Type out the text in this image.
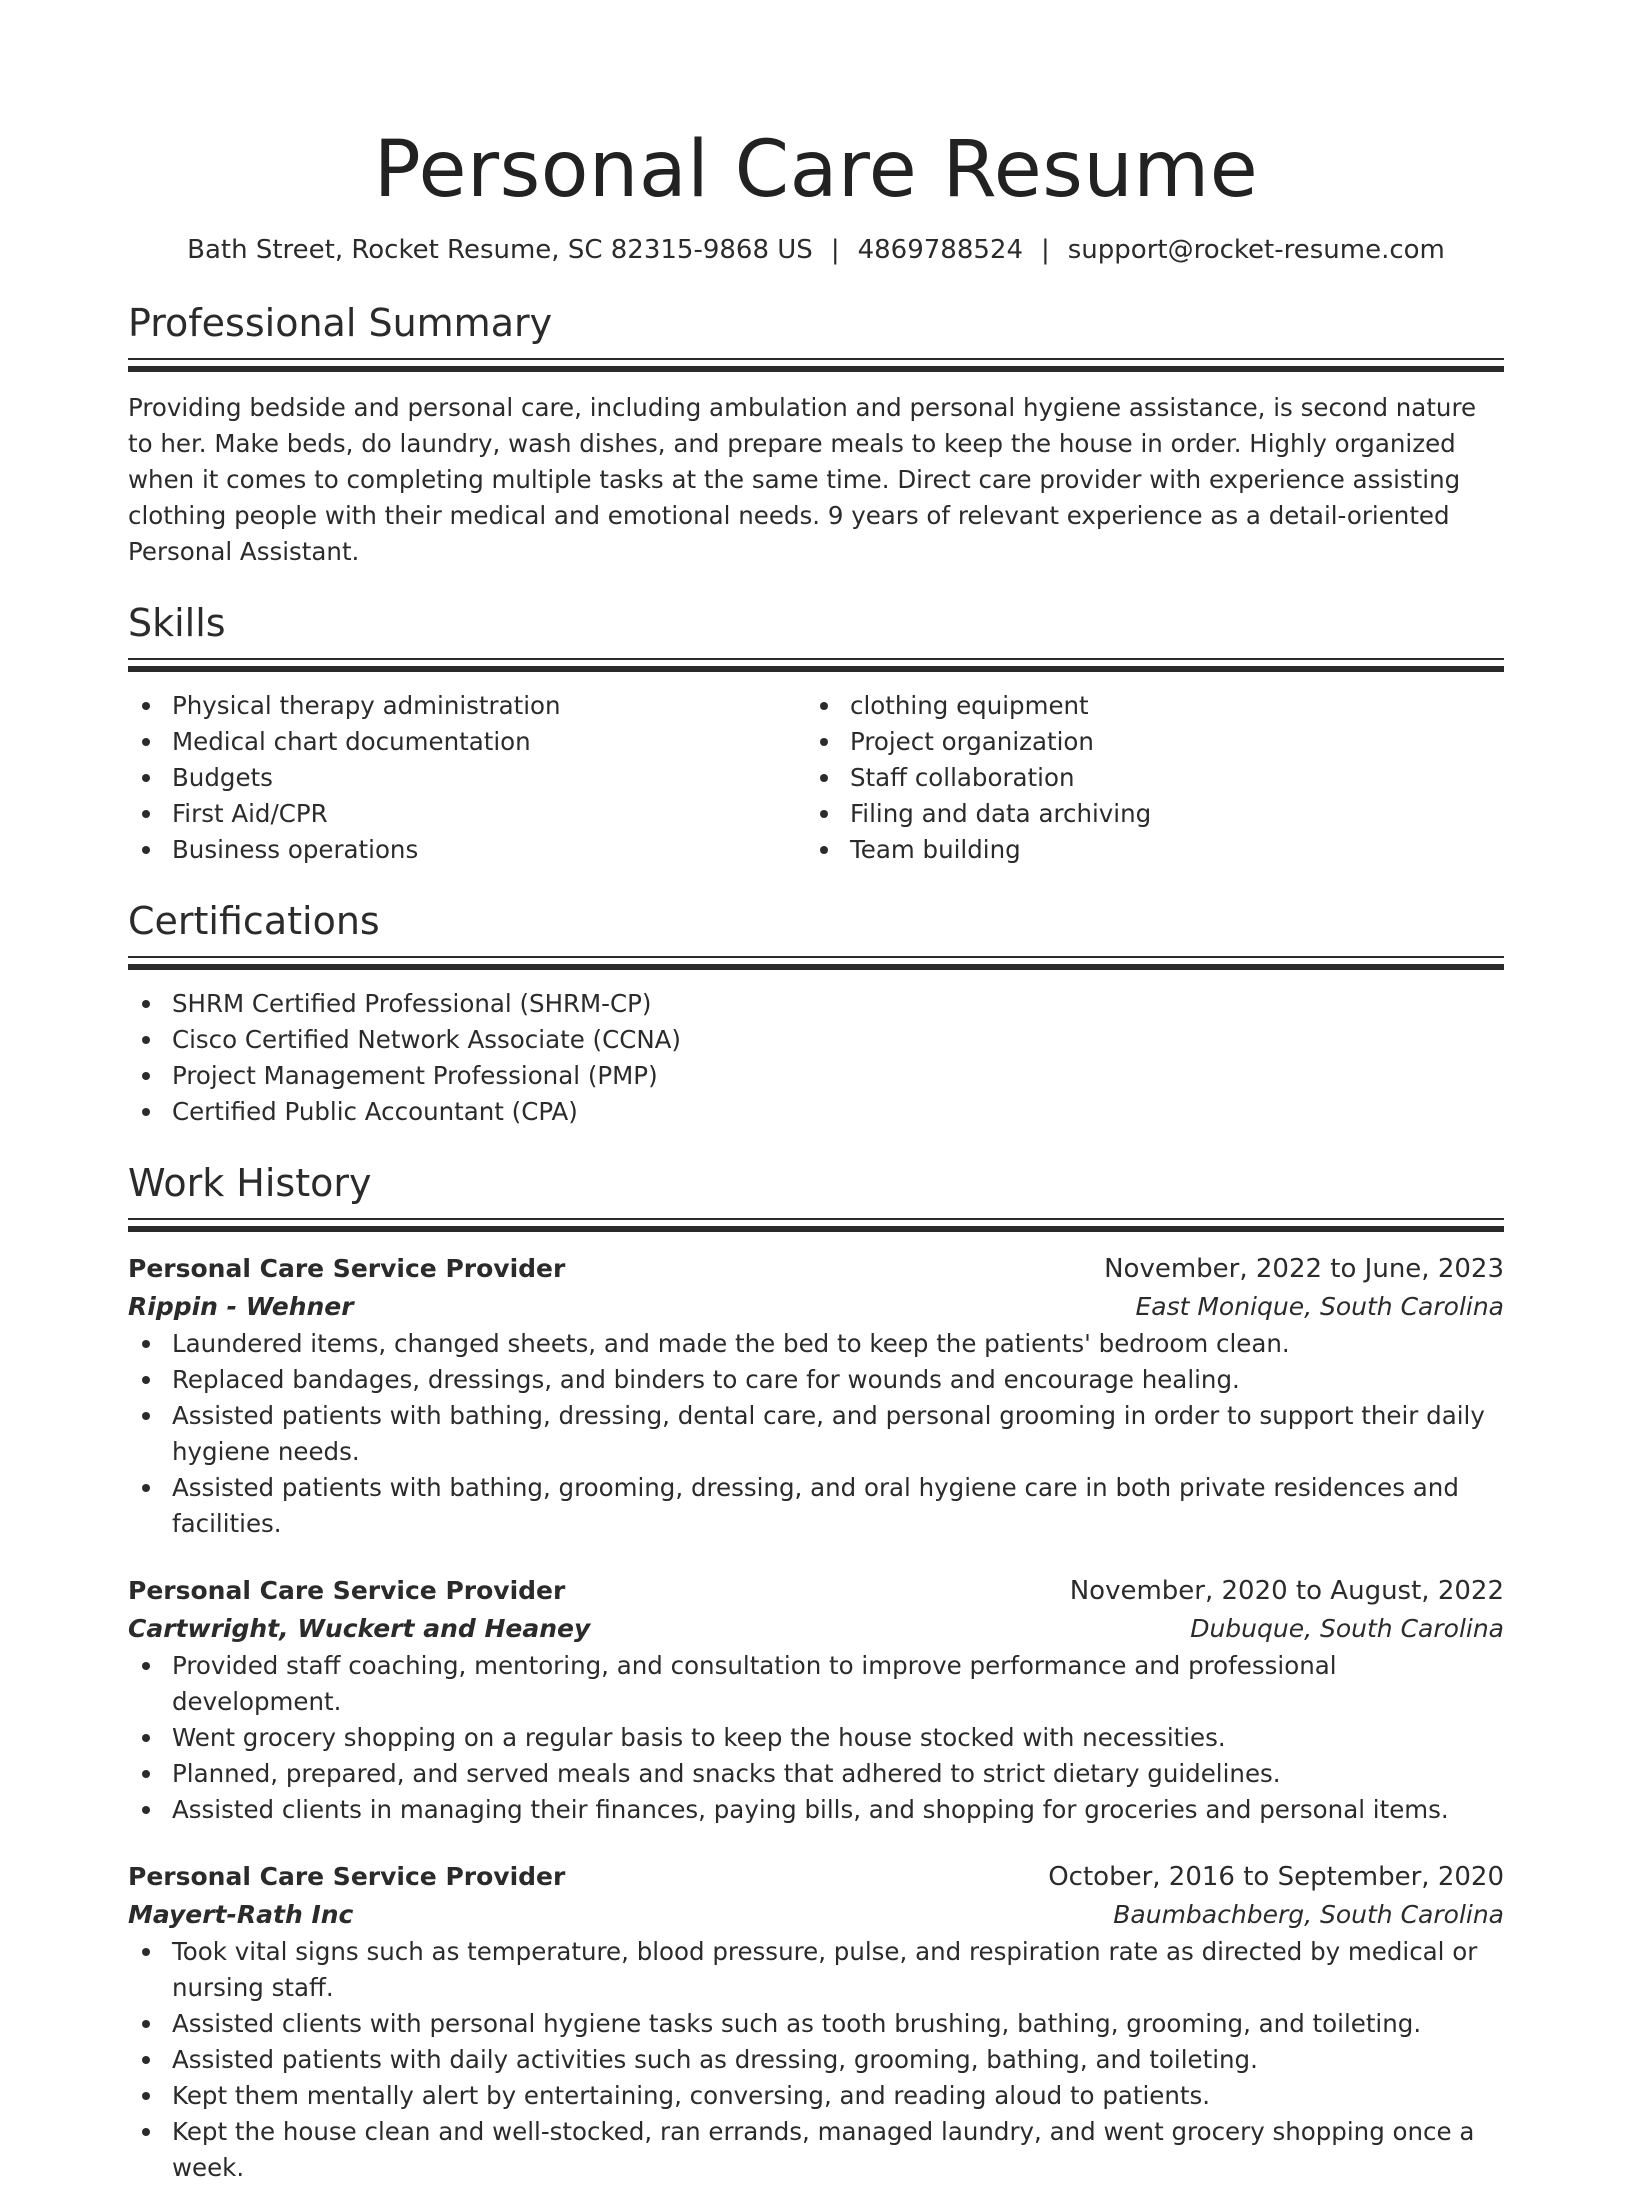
Personal Care Resume
Bath Street, Rocket Resume, SC 82315-9868 US | 4869788524 | support@rocket-resume.com
Professional Summary
Providing bedside and personal care, including ambulation and personal hygiene assistance, is second nature to her. Make beds, do laundry, wash dishes, and prepare meals to keep the house in order. Highly organized when it comes to completing multiple tasks at the same time. Direct care provider with experience assisting clothing people with their medical and emotional needs. 9 years of relevant experience as a detail-oriented Personal Assistant.
Skills
Physical therapy administration
Medical chart documentation
Budgets
First Aid/CPR
Business operations
clothing equipment
Project organization
Staff collaboration
Filing and data archiving
Team building
Certifications
SHRM Certified Professional (SHRM-CP)
Cisco Certified Network Associate (CCNA)
Project Management Professional (PMP)
Certified Public Accountant (CPA)
Work History
Personal Care Service Provider	November, 2022 to June, 2023
Rippin - Wehner	East Monique, South Carolina
Laundered items, changed sheets, and made the bed to keep the patients' bedroom clean.
Replaced bandages, dressings, and binders to care for wounds and encourage healing.
Assisted patients with bathing, dressing, dental care, and personal grooming in order to support their daily hygiene needs.
Assisted patients with bathing, grooming, dressing, and oral hygiene care in both private residences and facilities.
Personal Care Service Provider	November, 2020 to August, 2022
Cartwright, Wuckert and Heaney	Dubuque, South Carolina
Provided staff coaching, mentoring, and consultation to improve performance and professional development.
Went grocery shopping on a regular basis to keep the house stocked with necessities.
Planned, prepared, and served meals and snacks that adhered to strict dietary guidelines.
Assisted clients in managing their finances, paying bills, and shopping for groceries and personal items.
Personal Care Service Provider	October, 2016 to September, 2020
Mayert-Rath Inc	Baumbachberg, South Carolina
Took vital signs such as temperature, blood pressure, pulse, and respiration rate as directed by medical or nursing staff.
Assisted clients with personal hygiene tasks such as tooth brushing, bathing, grooming, and toileting.
Assisted patients with daily activities such as dressing, grooming, bathing, and toileting.
Kept them mentally alert by entertaining, conversing, and reading aloud to patients.
Kept the house clean and well-stocked, ran errands, managed laundry, and went grocery shopping once a week.
